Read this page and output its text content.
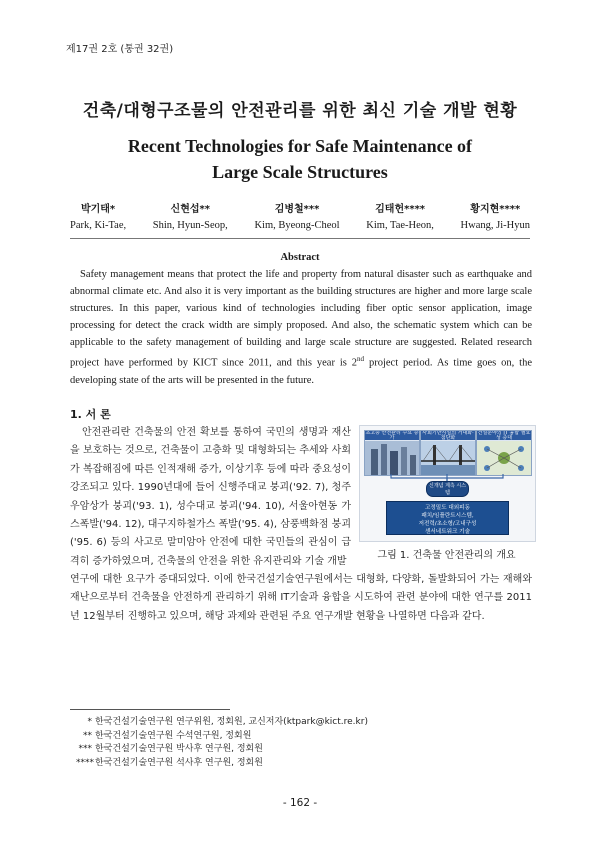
제17권 2호 (통권 32권)
건축/대형구조물의 안전관리를 위한 최신 기술 개발 현황
Recent Technologies for Safe Maintenance of
Large Scale Structures
박기태*
Park, Ki-Tae,
신현섭**
Shin, Hyun-Seop,
김병철***
Kim, Byeong-Cheol
김태헌****
Kim, Tae-Heon,
황지현****
Hwang, Ji-Hyun
Abstract
Safety management means that protect the life and property from natural disaster such as earthquake and abnormal climate etc. And also it is very important as the building structures are higher and more large scale structures. In this paper, various kind of technologies including fiber optic sensor application, image processing for detect the crack width are simply proposed. And also, the schematic system which can be applicable to the safety management of building and large scale structure are suggested. Related research project have performed by KICT since 2011, and this year is 2nd project period. As time goes on, the developing state of the arts will be presented in the future.
1. 서 론

안전관리란 건축물의 안전 확보를 통하여 국민의 생명과 재산을 보호하는 것으로, 건축물이 고층화 및 대형화되는 추세와 사회가 복잡해짐에 따른 인적재해 증가, 이상기후 등에 따라 중요성이 강조되고 있다. 1990년대에 들어 신행주대교 붕괴('92. 7), 청주 우암상가 붕괴('93. 1), 성수대교 붕괴('94. 10), 서울아현동 가스폭발('94. 12), 대구지하철가스 폭발('95. 4), 삼풍백화점 붕괴('95. 6) 등의 사고로 말미암아 안전에 대한 국민들의 관심이 급격히 증가하였으며, 건축물의 안전을 위한 유지관리와 기술 개발

초고층 안전관리 수요 증가
사회기반시설의 거대화·첨단화
건설분야의 IT 융합 필요성 증대
신개념 계측 시스템
고정밀도 대외피동
패치/임플란트시스템,
저전력/초소형/고내구성
센서네트워크 기술
그림 1. 건축물 안전관리의 개요
연구에 대한 요구가 증대되었다. 이에 한국건설기술연구원에서는 대형화, 다양화, 돌발화되어 가는 재해와 재난으로부터 건축물을 안전하게 관리하기 위해 IT기술과 융합을 시도하여 관련 분야에 대한 연구를 2011년 12월부터 진행하고 있으며, 해당 과제와 관련된 주요 연구개발 현황을 나열하면 다음과 같다.
* 한국건설기술연구원 연구위원, 정회원, 교신저자(ktpark@kict.re.kr)
** 한국건설기술연구원 수석연구원, 정회원
*** 한국건설기술연구원 박사후 연구원, 정회원
****한국건설기술연구원 석사후 연구원, 정회원
- 162 -
